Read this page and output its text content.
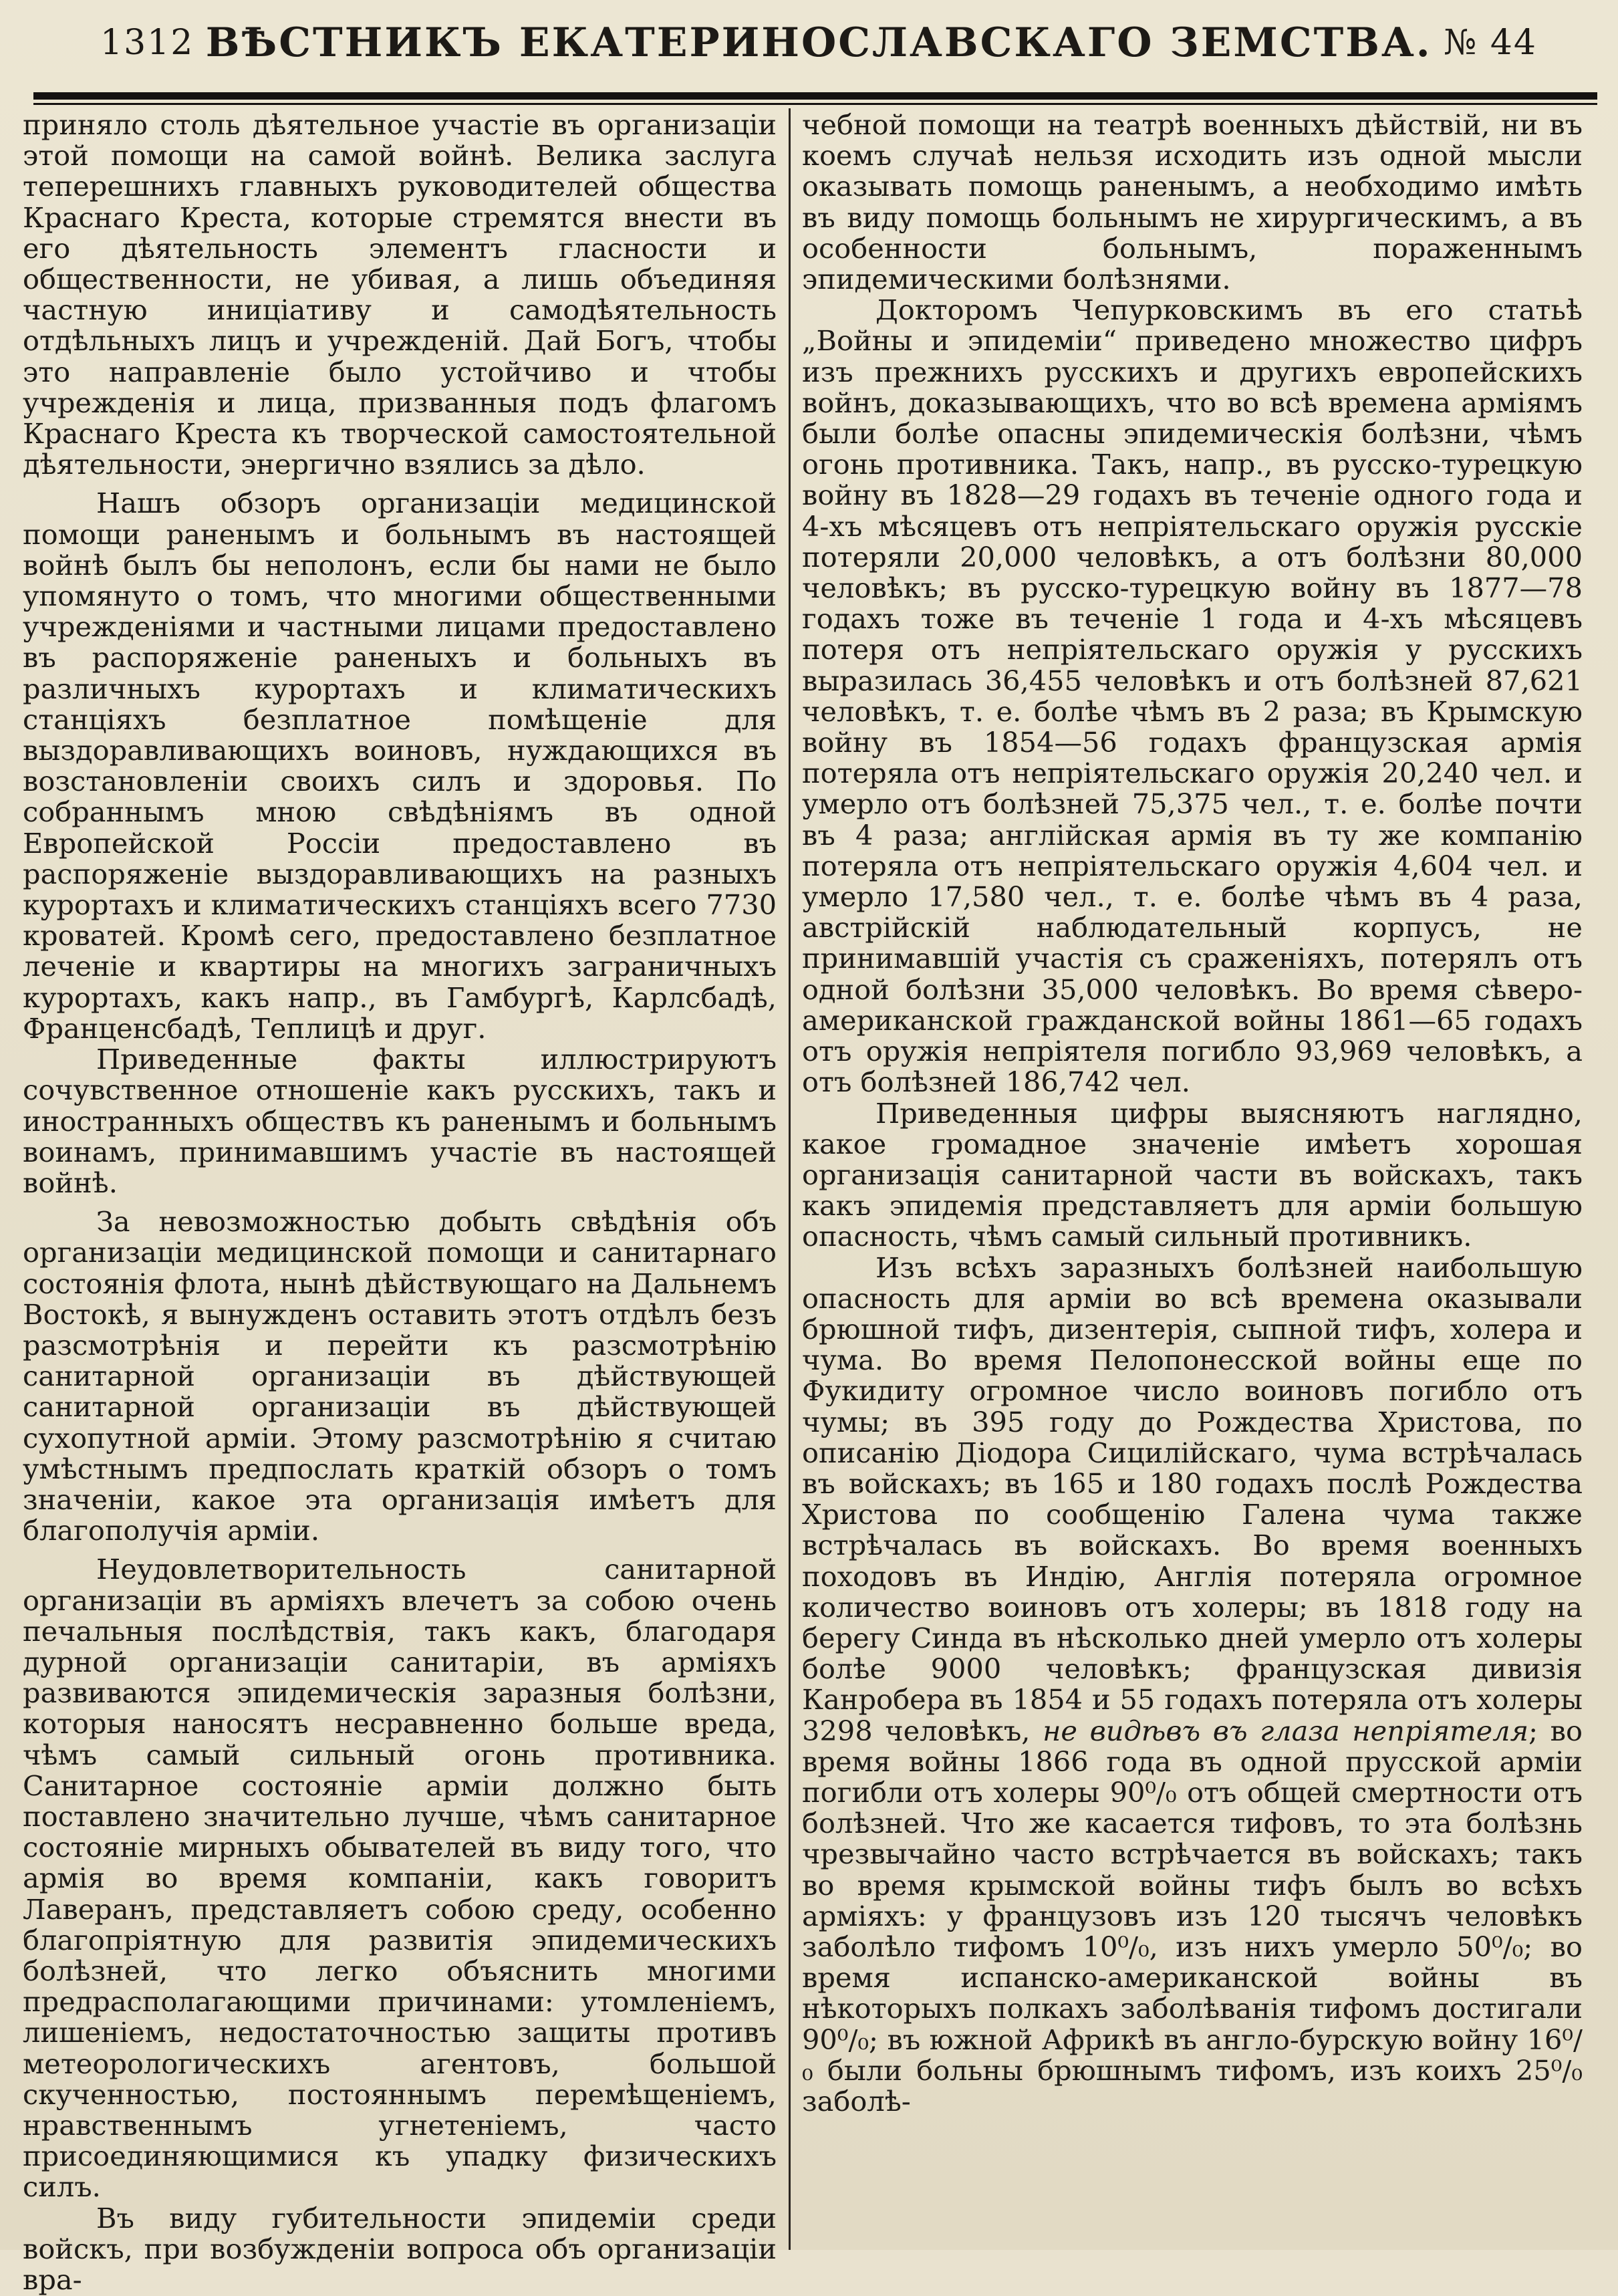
1312 ВѢСТНИКЪ ЕКАТЕРИНОСЛАВСКАГО ЗЕМСТВА. № 44

приняло столь дѣятельное участіе въ организаціи этой помощи на самой войнѣ. Велика заслуга теперешнихъ главныхъ руководителей общества Краснаго Креста, которые стремятся внести въ его дѣятельность элементъ гласности и общественности, не убивая, а лишь объединяя частную иниціативу и самодѣятельность отдѣльныхъ лицъ и учрежденій. Дай Богъ, чтобы это направленіе было устойчиво и чтобы учрежденія и лица, призванныя подъ флагомъ Краснаго Креста къ творческой самостоятельной дѣятельности, энергично взялись за дѣло.

Нашъ обзоръ организаціи медицинской помощи раненымъ и больнымъ въ настоящей войнѣ былъ бы неполонъ, если бы нами не было упомянуто о томъ, что многими общественными учрежденіями и частными лицами предоставлено въ распоряженіе раненыхъ и больныхъ въ различныхъ курортахъ и климатическихъ станціяхъ безплатное помѣщеніе для выздоравливающихъ воиновъ, нуждающихся въ возстановленіи своихъ силъ и здоровья. По собраннымъ мною свѣдѣніямъ въ одной Европейской Россіи предоставлено въ распоряженіе выздоравливающихъ на разныхъ курортахъ и климатическихъ станціяхъ всего 7730 кроватей. Кромѣ сего, предоставлено безплатное леченіе и квартиры на многихъ заграничныхъ курортахъ, какъ напр., въ Гамбургѣ, Карлсбадѣ, Франценсбадѣ, Теплицѣ и друг.

Приведенные факты иллюстрируютъ сочувственное отношеніе какъ русскихъ, такъ и иностранныхъ обществъ къ раненымъ и больнымъ воинамъ, принимавшимъ участіе въ настоящей войнѣ.

За невозможностью добыть свѣдѣнія объ организаціи медицинской помощи и санитарнаго состоянія флота, нынѣ дѣйствующаго на Дальнемъ Востокѣ, я вынужденъ оставить этотъ отдѣлъ безъ разсмотрѣнія и перейти къ разсмотрѣнію санитарной организаціи въ дѣйствующей санитарной организаціи въ дѣйствующей сухопутной арміи. Этому разсмотрѣнію я считаю умѣстнымъ предпослать краткій обзоръ о томъ значеніи, какое эта организація имѣетъ для благополучія арміи.

Неудовлетворительность санитарной организаціи въ арміяхъ влечетъ за собою очень печальныя послѣдствія, такъ какъ, благодаря дурной организаціи санитаріи, въ арміяхъ развиваются эпидемическія заразныя болѣзни, которыя наносятъ несравненно больше вреда, чѣмъ самый сильный огонь противника. Санитарное состояніе арміи должно быть поставлено значительно лучше, чѣмъ санитарное состояніе мирныхъ обывателей въ виду того, что армія во время компаніи, какъ говоритъ Лаверанъ, представляетъ собою среду, особенно благопріятную для развитія эпидемическихъ болѣзней, что легко объяснить многими предрасполагающими причинами: утомленіемъ, лишеніемъ, недостаточностью защиты противъ метеорологическихъ агентовъ, большой скученностью, постояннымъ перемѣщеніемъ, нравственнымъ угнетеніемъ, часто присоединяющимися къ упадку физическихъ силъ.

Въ виду губительности эпидеміи среди войскъ, при возбужденіи вопроса объ организаціи вра-

чебной помощи на театрѣ военныхъ дѣйствій, ни въ коемъ случаѣ нельзя исходить изъ одной мысли оказывать помощь раненымъ, а необходимо имѣть въ виду помощь больнымъ не хирургическимъ, а въ особенности больнымъ, пораженнымъ эпидемическими болѣзнями.

Докторомъ Чепурковскимъ въ его статьѣ „Войны и эпидеміи“ приведено множество цифръ изъ прежнихъ русскихъ и другихъ европейскихъ войнъ, доказывающихъ, что во всѣ времена арміямъ были болѣе опасны эпидемическія болѣзни, чѣмъ огонь противника. Такъ, напр., въ русско-турецкую войну въ 1828—29 годахъ въ теченіе одного года и 4-хъ мѣсяцевъ отъ непріятельскаго оружія русскіе потеряли 20,000 человѣкъ, а отъ болѣзни 80,000 человѣкъ; въ русско-турецкую войну въ 1877—78 годахъ тоже въ теченіе 1 года и 4-хъ мѣсяцевъ потеря отъ непріятельскаго оружія у русскихъ выразилась 36,455 человѣкъ и отъ болѣзней 87,621 человѣкъ, т. е. болѣе чѣмъ въ 2 раза; въ Крымскую войну въ 1854—56 годахъ французская армія потеряла отъ непріятельскаго оружія 20,240 чел. и умерло отъ болѣзней 75,375 чел., т. е. болѣе почти въ 4 раза; англійская армія въ ту же компанію потеряла отъ непріятельскаго оружія 4,604 чел. и умерло 17,580 чел., т. е. болѣе чѣмъ въ 4 раза, австрійскій наблюдательный корпусъ, не принимавшій участія съ сраженіяхъ, потерялъ отъ одной болѣзни 35,000 человѣкъ. Во время сѣверо-американской гражданской войны 1861—65 годахъ отъ оружія непріятеля погибло 93,969 человѣкъ, а отъ болѣзней 186,742 чел.

Приведенныя цифры выясняютъ наглядно, какое громадное значеніе имѣетъ хорошая организація санитарной части въ войскахъ, такъ какъ эпидемія представляетъ для арміи большую опасность, чѣмъ самый сильный противникъ.

Изъ всѣхъ заразныхъ болѣзней наибольшую опасность для арміи во всѣ времена оказывали брюшной тифъ, дизентерія, сыпной тифъ, холера и чума. Во время Пелопонесской войны еще по Фукидиту огромное число воиновъ погибло отъ чумы; въ 395 году до Рождества Христова, по описанію Діодора Сицилійскаго, чума встрѣчалась въ войскахъ; въ 165 и 180 годахъ послѣ Рождества Христова по сообщенію Галена чума также встрѣчалась въ войскахъ. Во время военныхъ походовъ въ Индію, Англія потеряла огромное количество воиновъ отъ холеры; въ 1818 году на берегу Синда въ нѣсколько дней умерло отъ холеры болѣе 9000 человѣкъ; французская дивизія Канробера въ 1854 и 55 годахъ потеряла отъ холеры 3298 человѣкъ, не видѣвъ въ глаза непріятеля; во время войны 1866 года въ одной прусской арміи погибли отъ холеры 90⁰/₀ отъ общей смертности отъ болѣзней. Что же касается тифовъ, то эта болѣзнь чрезвычайно часто встрѣчается въ войскахъ; такъ во время крымской войны тифъ былъ во всѣхъ арміяхъ: у французовъ изъ 120 тысячъ человѣкъ заболѣло тифомъ 10⁰/₀, изъ нихъ умерло 50⁰/₀; во время испанско-американской войны въ нѣкоторыхъ полкахъ заболѣванія тифомъ достигали 90⁰/₀; въ южной Африкѣ въ англо-бурскую войну 16⁰/₀ были больны брюшнымъ тифомъ, изъ коихъ 25⁰/₀ заболѣ-
